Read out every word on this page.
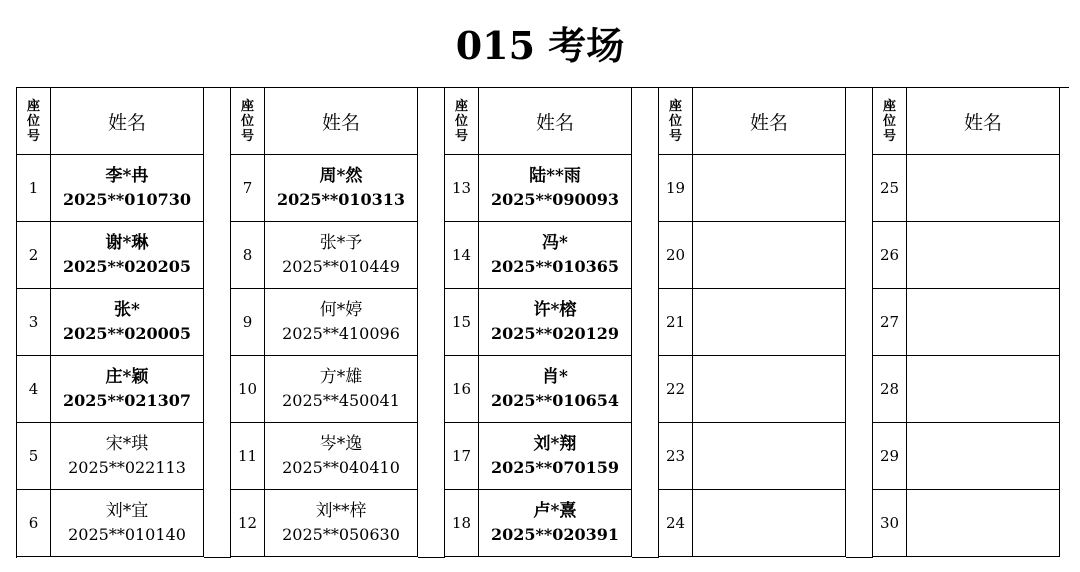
015 考场
座
位
号
姓名
1
李*冉
2025**010730
2
谢*琳
2025**020205
3
张*
2025**020005
4
庄*颖
2025**021307
5
宋*琪
2025**022113
6
刘*宜
2025**010140
座
位
号
姓名
7
周*然
2025**010313
8
张*予
2025**010449
9
何*婷
2025**410096
10
方*雄
2025**450041
11
岑*逸
2025**040410
12
刘**梓
2025**050630
座
位
号
姓名
13
陆**雨
2025**090093
14
冯*
2025**010365
15
许*榕
2025**020129
16
肖*
2025**010654
17
刘*翔
2025**070159
18
卢*熹
2025**020391
座
位
号
姓名
19
20
21
22
23
24
座
位
号
姓名
25
26
27
28
29
30
